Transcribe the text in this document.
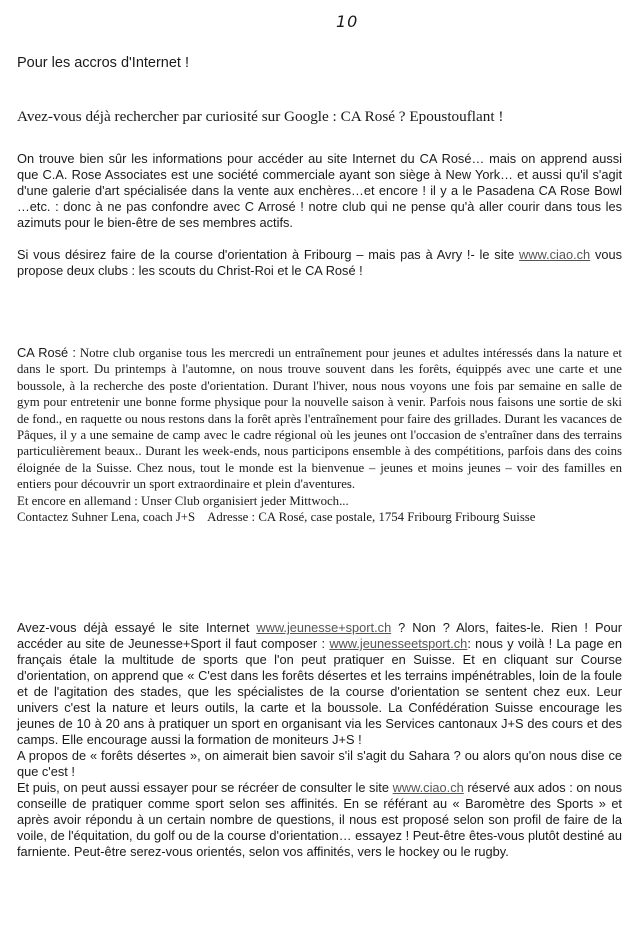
10
Pour les accros d'Internet !
Avez-vous déjà rechercher par curiosité sur Google : CA Rosé ? Epoustouflant !

On trouve bien sûr les informations pour accéder au site Internet du CA Rosé… mais on apprend aussi que C.A. Rose Associates est une société commerciale ayant son siège à New York… et aussi qu'il s'agit d'une galerie d'art spécialisée dans la vente aux enchères…et encore ! il y a le Pasadena CA Rose Bowl …etc. : donc à ne pas confondre avec C Arrosé ! notre club qui ne pense qu'à aller courir dans tous les azimuts pour le bien-être de ses membres actifs.

Si vous désirez faire de la course d'orientation à Fribourg – mais pas à Avry !- le site www.ciao.ch vous propose deux clubs : les scouts du Christ-Roi et le CA Rosé !

CA Rosé : Notre club organise tous les mercredi un entraînement pour jeunes et adultes intéressés dans la nature et dans le sport. Du printemps à l'automne, on nous trouve souvent dans les forêts, équippés avec une carte et une boussole, à la recherche des poste d'orientation. Durant l'hiver, nous nous voyons une fois par semaine en salle de gym pour entretenir une bonne forme physique pour la nouvelle saison à venir. Parfois nous faisons une sortie de ski de fond., en raquette ou nous restons dans la forêt après l'entraînement pour faire des grillades. Durant les vacances de Pâques, il y a une semaine de camp avec le cadre régional où les jeunes ont l'occasion de s'entraîner dans des terrains particulièrement beaux.. Durant les week-ends, nous participons ensemble à des compétitions, parfois dans des coins éloignée de la Suisse. Chez nous, tout le monde est la bienvenue – jeunes et moins jeunes – voir des familles en entiers pour découvrir un sport extraordinaire et plein d'aventures.

Et encore en allemand : Unser Club organisiert jeder Mittwoch...

Contactez Suhner Lena, coach J+S Adresse : CA Rosé, case postale, 1754 Fribourg Fribourg Suisse

Avez-vous déjà essayé le site Internet www.jeunesse+sport.ch ? Non ? Alors, faites-le. Rien ! Pour accéder au site de Jeunesse+Sport il faut composer : www.jeunesseetsport.ch: nous y voilà ! La page en français étale la multitude de sports que l'on peut pratiquer en Suisse. Et en cliquant sur Course d'orientation, on apprend que « C'est dans les forêts désertes et les terrains impénétrables, loin de la foule et de l'agitation des stades, que les spécialistes de la course d'orientation se sentent chez eux. Leur univers c'est la nature et leurs outils, la carte et la boussole. La Confédération Suisse encourage les jeunes de 10 à 20 ans à pratiquer un sport en organisant via les Services cantonaux J+S des cours et des camps. Elle encourage aussi la formation de moniteurs J+S !

A propos de « forêts désertes », on aimerait bien savoir s'il s'agit du Sahara ? ou alors qu'on nous dise ce que c'est !

Et puis, on peut aussi essayer pour se récréer de consulter le site www.ciao.ch réservé aux ados : on nous conseille de pratiquer comme sport selon ses affinités. En se référant au « Baromètre des Sports » et après avoir répondu à un certain nombre de questions, il nous est proposé selon son profil de faire de la voile, de l'équitation, du golf ou de la course d'orientation… essayez ! Peut-être êtes-vous plutôt destiné au farniente. Peut-être serez-vous orientés, selon vos affinités, vers le hockey ou le rugby.
